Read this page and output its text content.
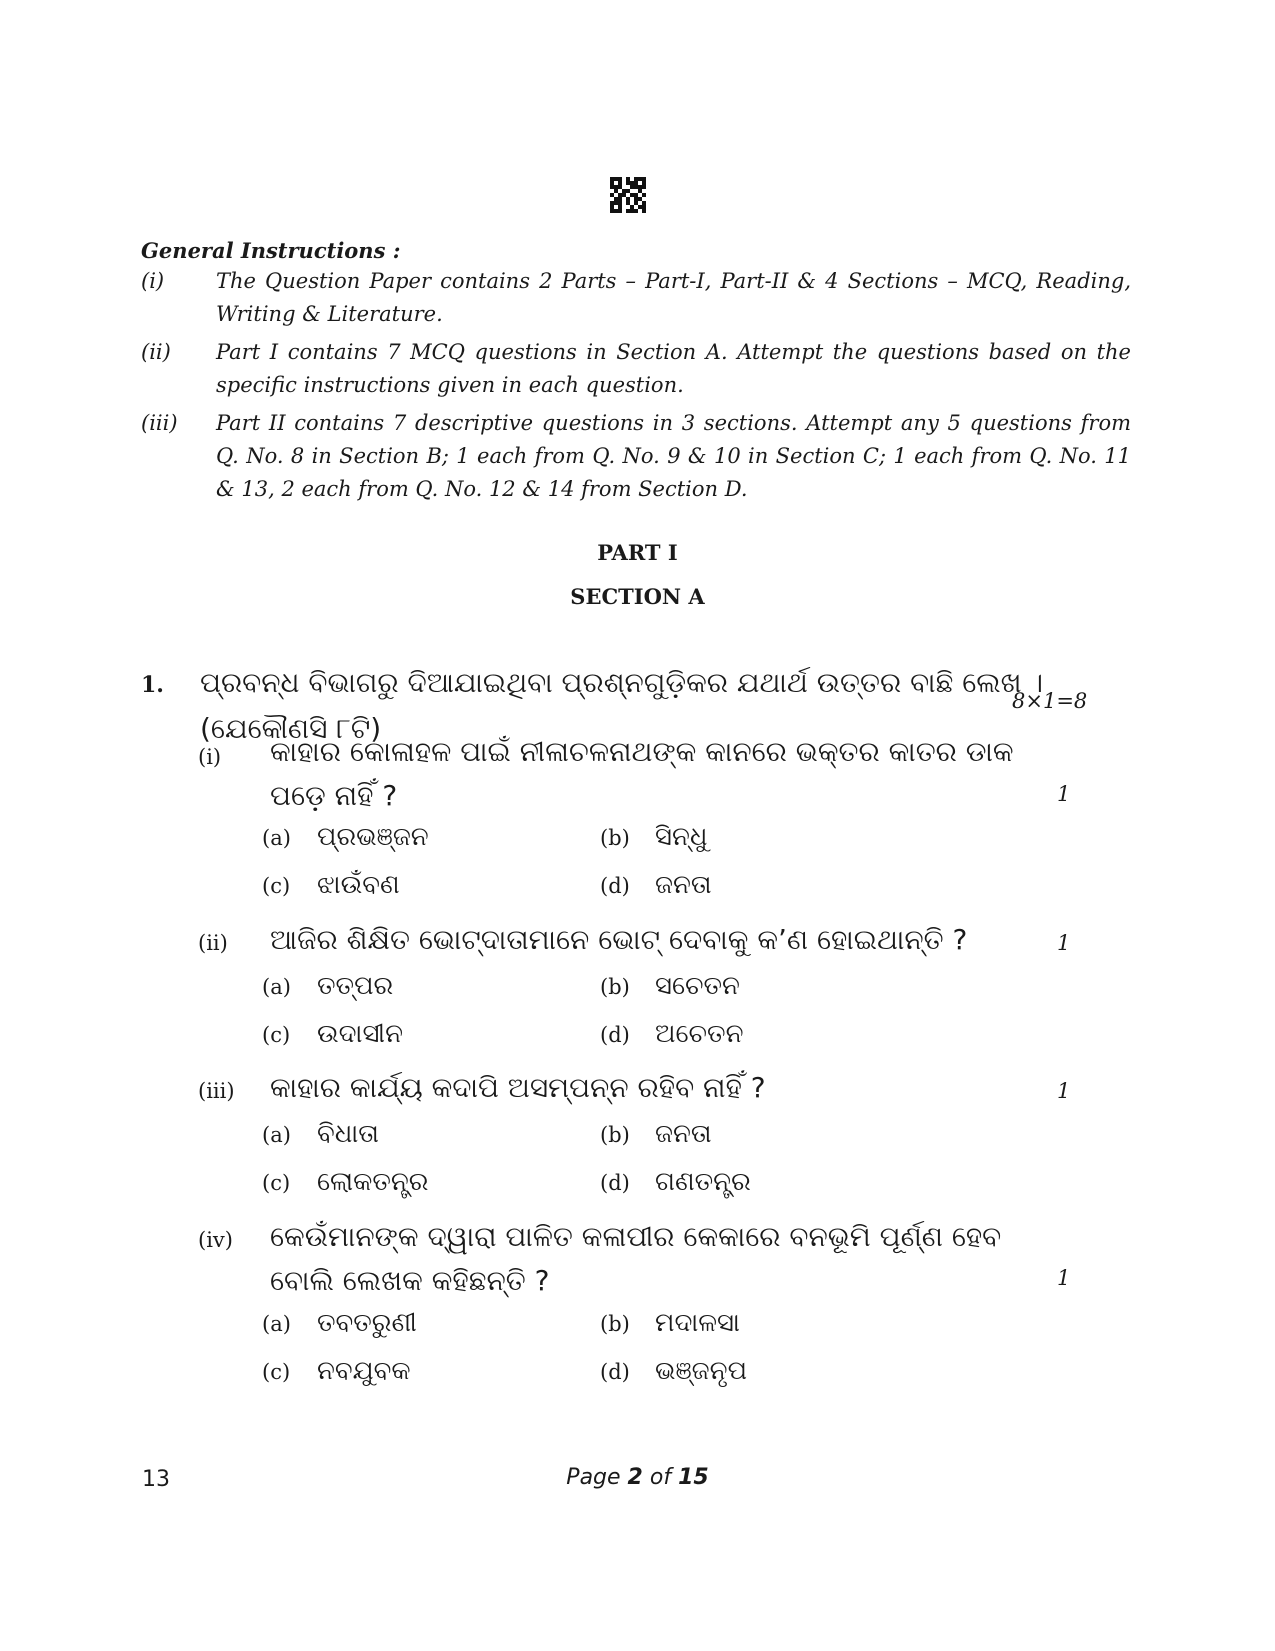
General Instructions :
(i) The Question Paper contains 2 Parts – Part-I, Part-II & 4 Sections – MCQ, Reading, Writing & Literature.
(ii) Part I contains 7 MCQ questions in Section A. Attempt the questions based on the specific instructions given in each question.
(iii) Part II contains 7 descriptive questions in 3 sections. Attempt any 5 questions from Q. No. 8 in Section B; 1 each from Q. No. 9 & 10 in Section C; 1 each from Q. No. 11 & 13, 2 each from Q. No. 12 & 14 from Section D.
PART I
SECTION A
1. ପ୍ରବନ୍ଧ ବିଭାଗରୁ ଦିଆଯାଇଥିବା ପ୍ରଶ୍ନଗୁଡ଼ିକର ଯଥାର୍ଥ ଉତ୍ତର ବାଛି ଲେଖ ।
(ଯେକୌଣସି ୮ଟି)
8×1=8
(i) କାହାର କୋଳାହଳ ପାଇଁ ନୀଳାଚଳନାଥଙ୍କ କାନରେ ଭକ୍ତର କାତର ଡାକ ପଡ଼େ ନାହିଁ ?	1
(a) ପ୍ରଭଞ୍ଜନ	(b) ସିନ୍ଧୁ
(c) ଝାଉଁବଣ	(d) ଜନତା
(ii) ଆଜିର ଶିକ୍ଷିତ ଭୋଟ୍‌ଦାତାମାନେ ଭୋଟ୍ ଦେବାକୁ କ’ଣ ହୋଇଥାନ୍ତି ?	1
(a) ତତ୍ପର	(b) ସଚେତନ
(c) ଉଦାସୀନ	(d) ଅଚେତନ
(iii) କାହାର କାର୍ଯ୍ୟ କଦାପି ଅସମ୍ପନ୍ନ ରହିବ ନାହିଁ ?	1
(a) ବିଧାତା	(b) ଜନତା
(c) ଲୋକତନ୍ତ୍ର	(d) ଗଣତନ୍ତ୍ର
(iv) କେଉଁମାନଙ୍କ ଦ୍ୱାରା ପାଳିତ କଳାପୀର କେକାରେ ବନଭୂମି ପୂର୍ଣ୍ଣ ହେବ ବୋଲି ଲେଖକ କହିଛନ୍ତି ?	1
(a) ତବତରୁଣୀ	(b) ମଦାଳସା
(c) ନବଯୁବକ	(d) ଭଞ୍ଜନୃପ
13	Page 2 of 15
